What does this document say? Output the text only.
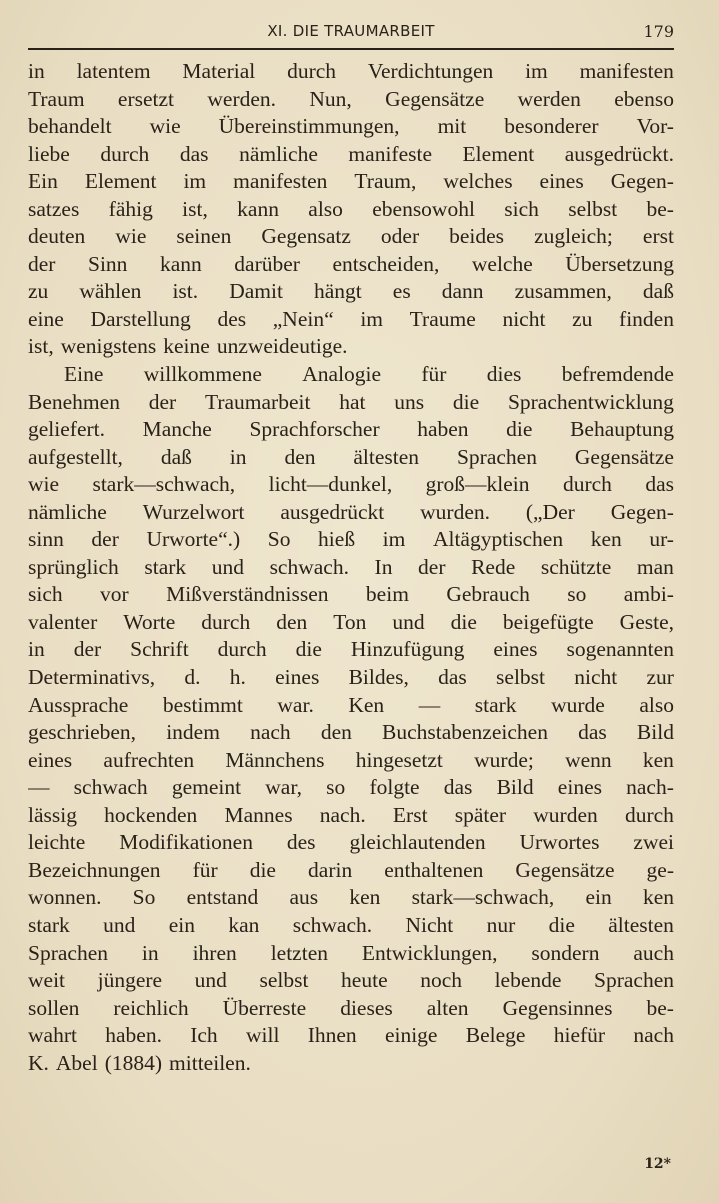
XI. DIE TRAUMARBEIT	179
in latentem Material durch Verdichtungen im manifesten
Traum ersetzt werden. Nun, Gegensätze werden ebenso
behandelt wie Übereinstimmungen, mit besonderer Vor-
liebe durch das nämliche manifeste Element ausgedrückt.
Ein Element im manifesten Traum, welches eines Gegen-
satzes fähig ist, kann also ebensowohl sich selbst be-
deuten wie seinen Gegensatz oder beides zugleich; erst
der Sinn kann darüber entscheiden, welche Übersetzung
zu wählen ist. Damit hängt es dann zusammen, daß
eine Darstellung des „Nein“ im Traume nicht zu finden
ist, wenigstens keine unzweideutige.
Eine willkommene Analogie für dies befremdende
Benehmen der Traumarbeit hat uns die Sprachentwicklung
geliefert. Manche Sprachforscher haben die Behauptung
aufgestellt, daß in den ältesten Sprachen Gegensätze
wie stark—schwach, licht—dunkel, groß—klein durch das
nämliche Wurzelwort ausgedrückt wurden. („Der Gegen-
sinn der Urworte“.) So hieß im Altägyptischen ken ur-
sprünglich stark und schwach. In der Rede schützte man
sich vor Mißverständnissen beim Gebrauch so ambi-
valenter Worte durch den Ton und die beigefügte Geste,
in der Schrift durch die Hinzufügung eines sogenannten
Determinativs, d. h. eines Bildes, das selbst nicht zur
Aussprache bestimmt war. Ken — stark wurde also
geschrieben, indem nach den Buchstabenzeichen das Bild
eines aufrechten Männchens hingesetzt wurde; wenn ken
— schwach gemeint war, so folgte das Bild eines nach-
lässig hockenden Mannes nach. Erst später wurden durch
leichte Modifikationen des gleichlautenden Urwortes zwei
Bezeichnungen für die darin enthaltenen Gegensätze ge-
wonnen. So entstand aus ken stark—schwach, ein ken
stark und ein kan schwach. Nicht nur die ältesten
Sprachen in ihren letzten Entwicklungen, sondern auch
weit jüngere und selbst heute noch lebende Sprachen
sollen reichlich Überreste dieses alten Gegensinnes be-
wahrt haben. Ich will Ihnen einige Belege hiefür nach
K. Abel (1884) mitteilen.
12*
